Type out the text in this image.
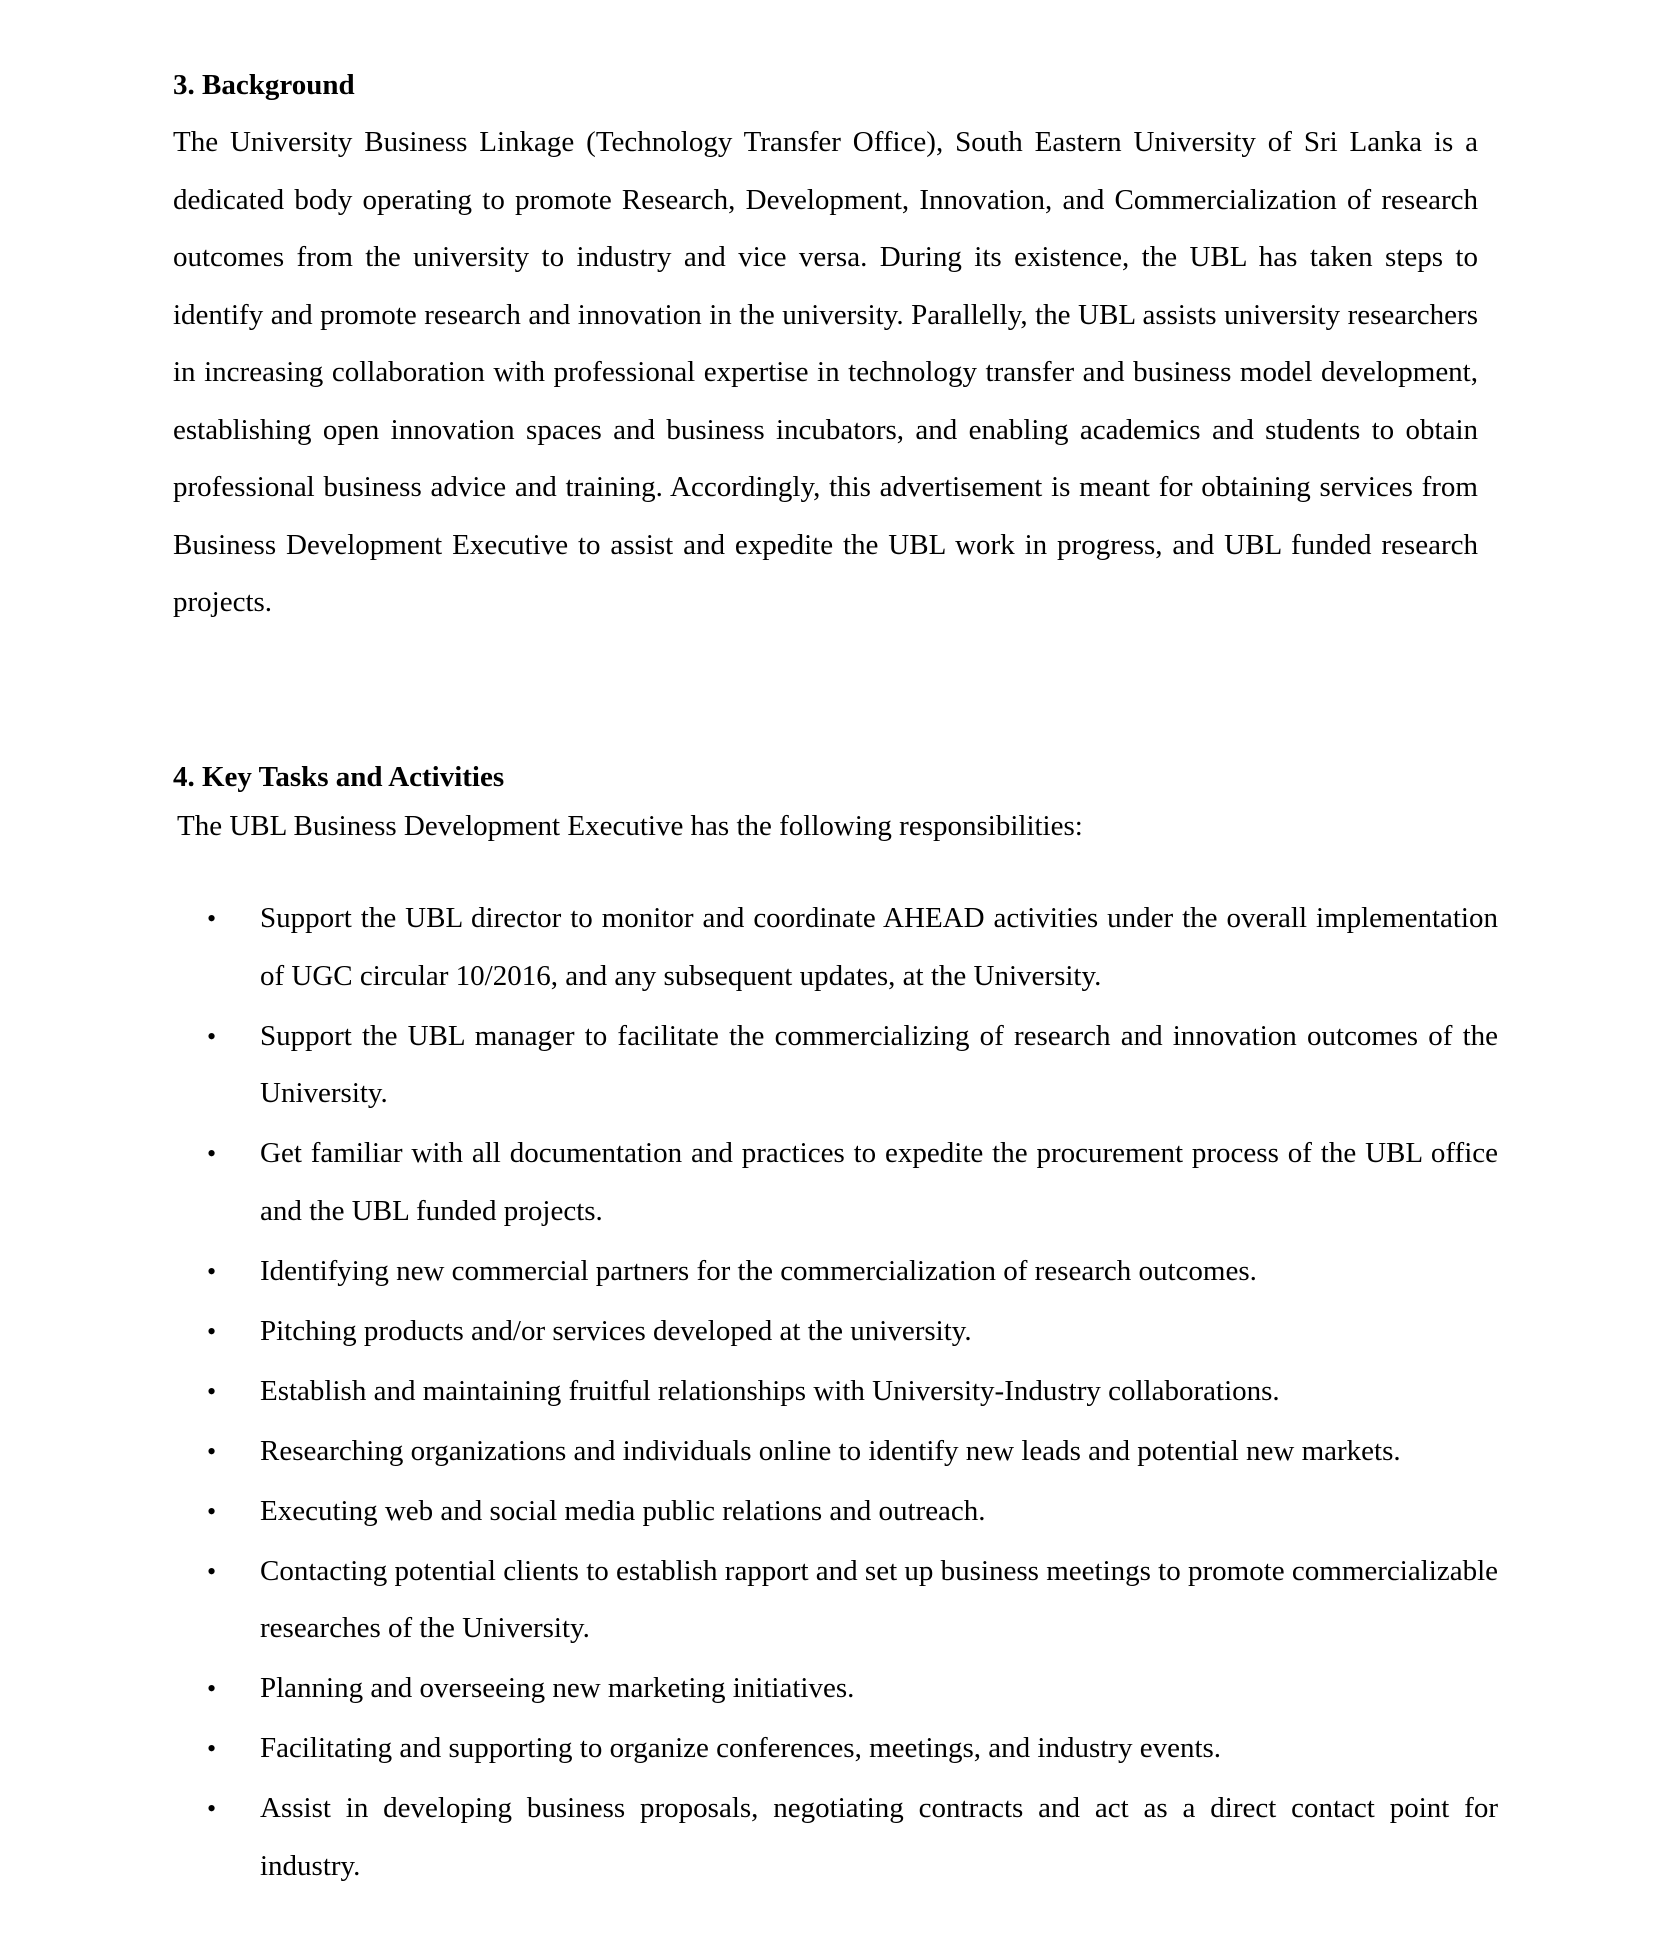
3. Background

The University Business Linkage (Technology Transfer Office), South Eastern University of Sri Lanka is a dedicated body operating to promote Research, Development, Innovation, and Commercialization of research outcomes from the university to industry and vice versa. During its existence, the UBL has taken steps to identify and promote research and innovation in the university. Parallelly, the UBL assists university researchers in increasing collaboration with professional expertise in technology transfer and business model development, establishing open innovation spaces and business incubators, and enabling academics and students to obtain professional business advice and training. Accordingly, this advertisement is meant for obtaining services from Business Development Executive to assist and expedite the UBL work in progress, and UBL funded research projects.

4. Key Tasks and Activities

The UBL Business Development Executive has the following responsibilities:

• Support the UBL director to monitor and coordinate AHEAD activities under the overall implementation of UGC circular 10/2016, and any subsequent updates, at the University.
• Support the UBL manager to facilitate the commercializing of research and innovation outcomes of the University.
• Get familiar with all documentation and practices to expedite the procurement process of the UBL office and the UBL funded projects.
• Identifying new commercial partners for the commercialization of research outcomes.
• Pitching products and/or services developed at the university.
• Establish and maintaining fruitful relationships with University-Industry collaborations.
• Researching organizations and individuals online to identify new leads and potential new markets.
• Executing web and social media public relations and outreach.
• Contacting potential clients to establish rapport and set up business meetings to promote commercializable researches of the University.
• Planning and overseeing new marketing initiatives.
• Facilitating and supporting to organize conferences, meetings, and industry events.
• Assist in developing business proposals, negotiating contracts and act as a direct contact point for industry.
